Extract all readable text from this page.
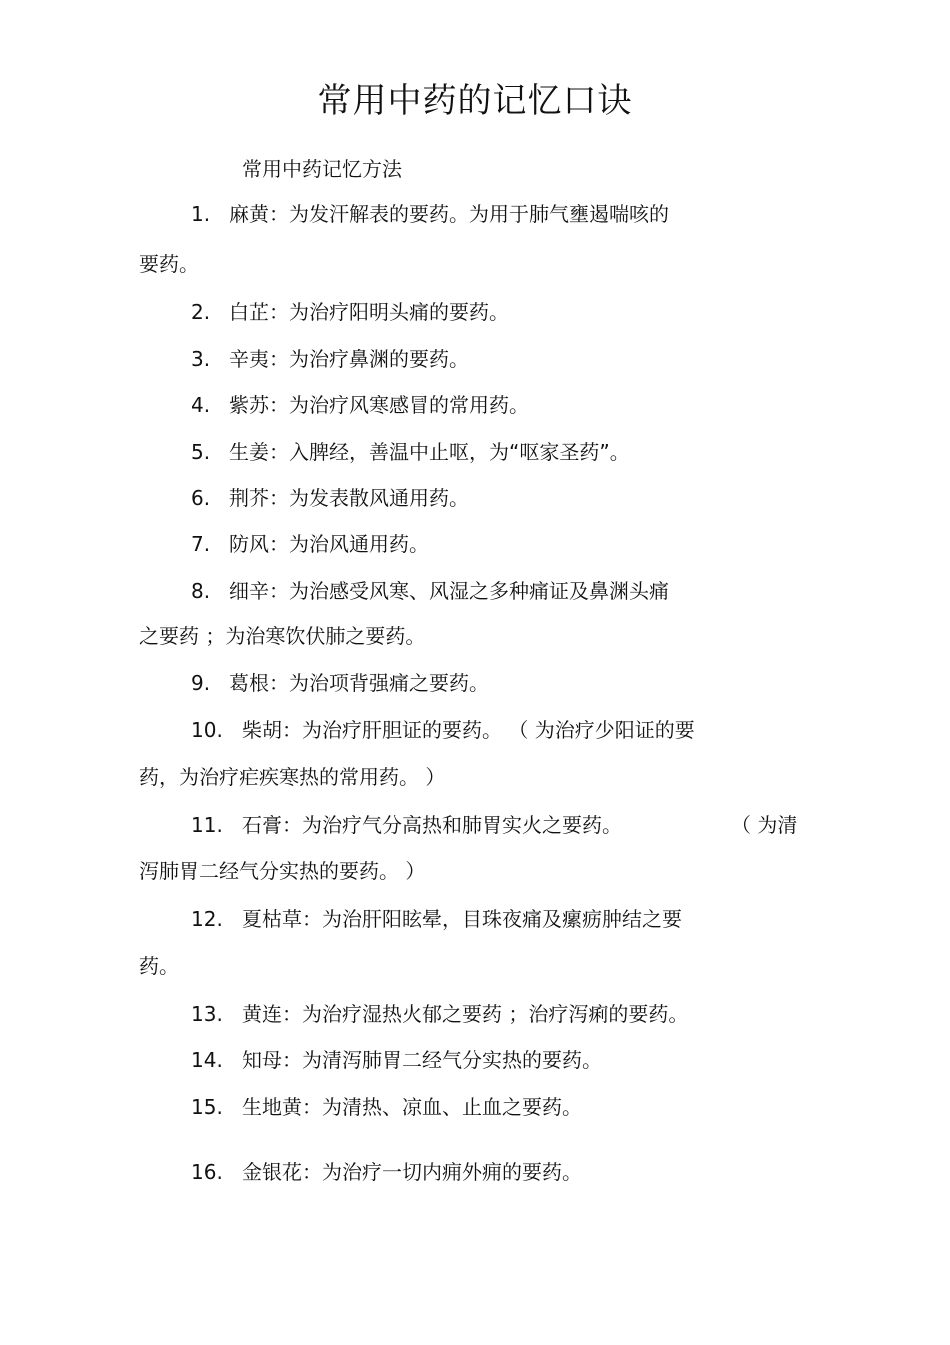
常用中药的记忆口诀
常用中药记忆方法
1. 麻黄：为发汗解表的要药。为用于肺气壅遏喘咳的
要药。
2. 白芷：为治疗阳明头痛的要药。
3. 辛夷：为治疗鼻渊的要药。
4. 紫苏：为治疗风寒感冒的常用药。
5. 生姜：入脾经，善温中止呕，为“呕家圣药”。
6. 荆芥：为发表散风通用药。
7. 防风：为治风通用药。
8. 细辛：为治感受风寒、风湿之多种痛证及鼻渊头痛
之要药 ；为治寒饮伏肺之要药。
9. 葛根：为治项背强痛之要药。
10. 柴胡：为治疗肝胆证的要药。 （ 为治疗少阳证的要
药，为治疗疟疾寒热的常用药。 ）
11. 石膏：为治疗气分高热和肺胃实火之要药。	（ 为清
泻肺胃二经气分实热的要药。 ）
12. 夏枯草：为治肝阳眩晕，目珠夜痛及瘰疬肿结之要
药。
13. 黄连：为治疗湿热火郁之要药 ；治疗泻痢的要药。
14. 知母：为清泻肺胃二经气分实热的要药。
15. 生地黄：为清热、凉血、止血之要药。
16. 金银花：为治疗一切内痈外痈的要药。
